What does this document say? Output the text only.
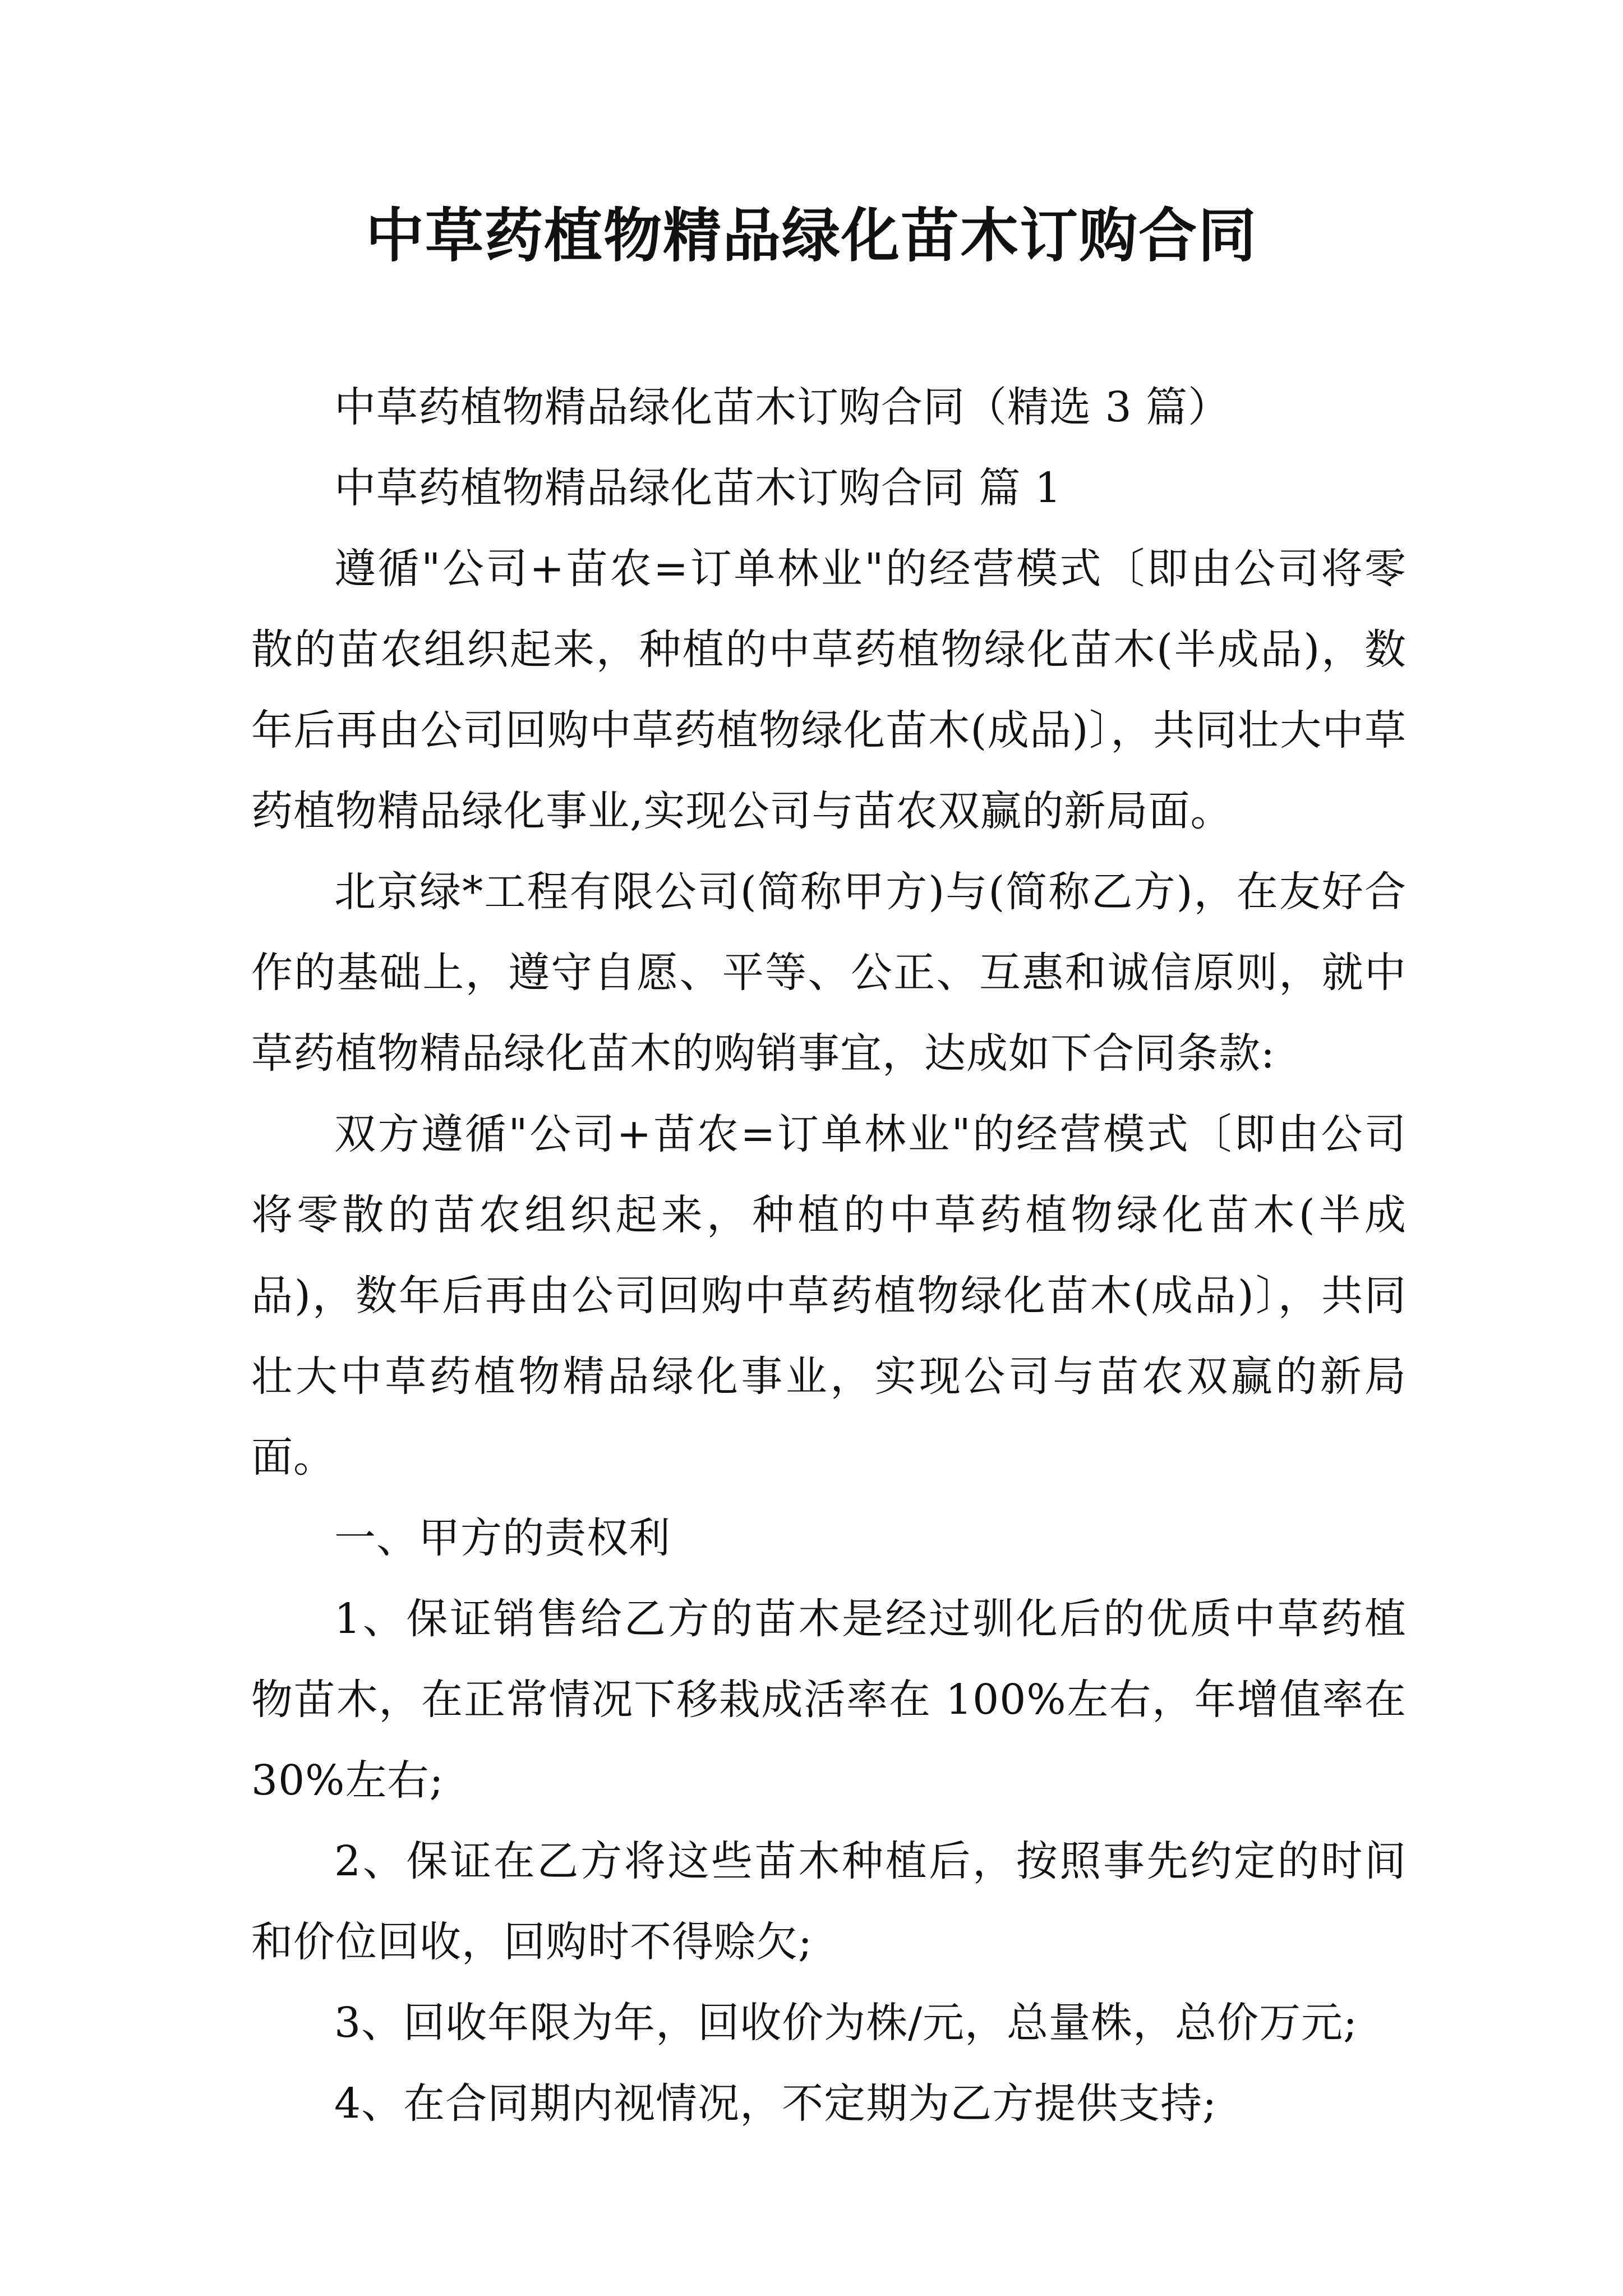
中草药植物精品绿化苗木订购合同

中草药植物精品绿化苗木订购合同（精选 3 篇）

中草药植物精品绿化苗木订购合同 篇 1

遵循"公司+苗农=订单林业"的经营模式〔即由公司将零散的苗农组织起来，种植的中草药植物绿化苗木(半成品)，数年后再由公司回购中草药植物绿化苗木(成品)〕，共同壮大中草药植物精品绿化事业,实现公司与苗农双赢的新局面。

北京绿*工程有限公司(简称甲方)与(简称乙方)，在友好合作的基础上，遵守自愿、平等、公正、互惠和诚信原则，就中草药植物精品绿化苗木的购销事宜，达成如下合同条款:

双方遵循"公司+苗农=订单林业"的经营模式〔即由公司将零散的苗农组织起来，种植的中草药植物绿化苗木(半成品)，数年后再由公司回购中草药植物绿化苗木(成品)〕，共同壮大中草药植物精品绿化事业，实现公司与苗农双赢的新局面。

一、甲方的责权利

1、保证销售给乙方的苗木是经过驯化后的优质中草药植物苗木，在正常情况下移栽成活率在 100%左右，年增值率在 30%左右;

2、保证在乙方将这些苗木种植后，按照事先约定的时间和价位回收，回购时不得赊欠;

3、回收年限为年，回收价为株/元，总量株，总价万元;

4、在合同期内视情况，不定期为乙方提供支持;
